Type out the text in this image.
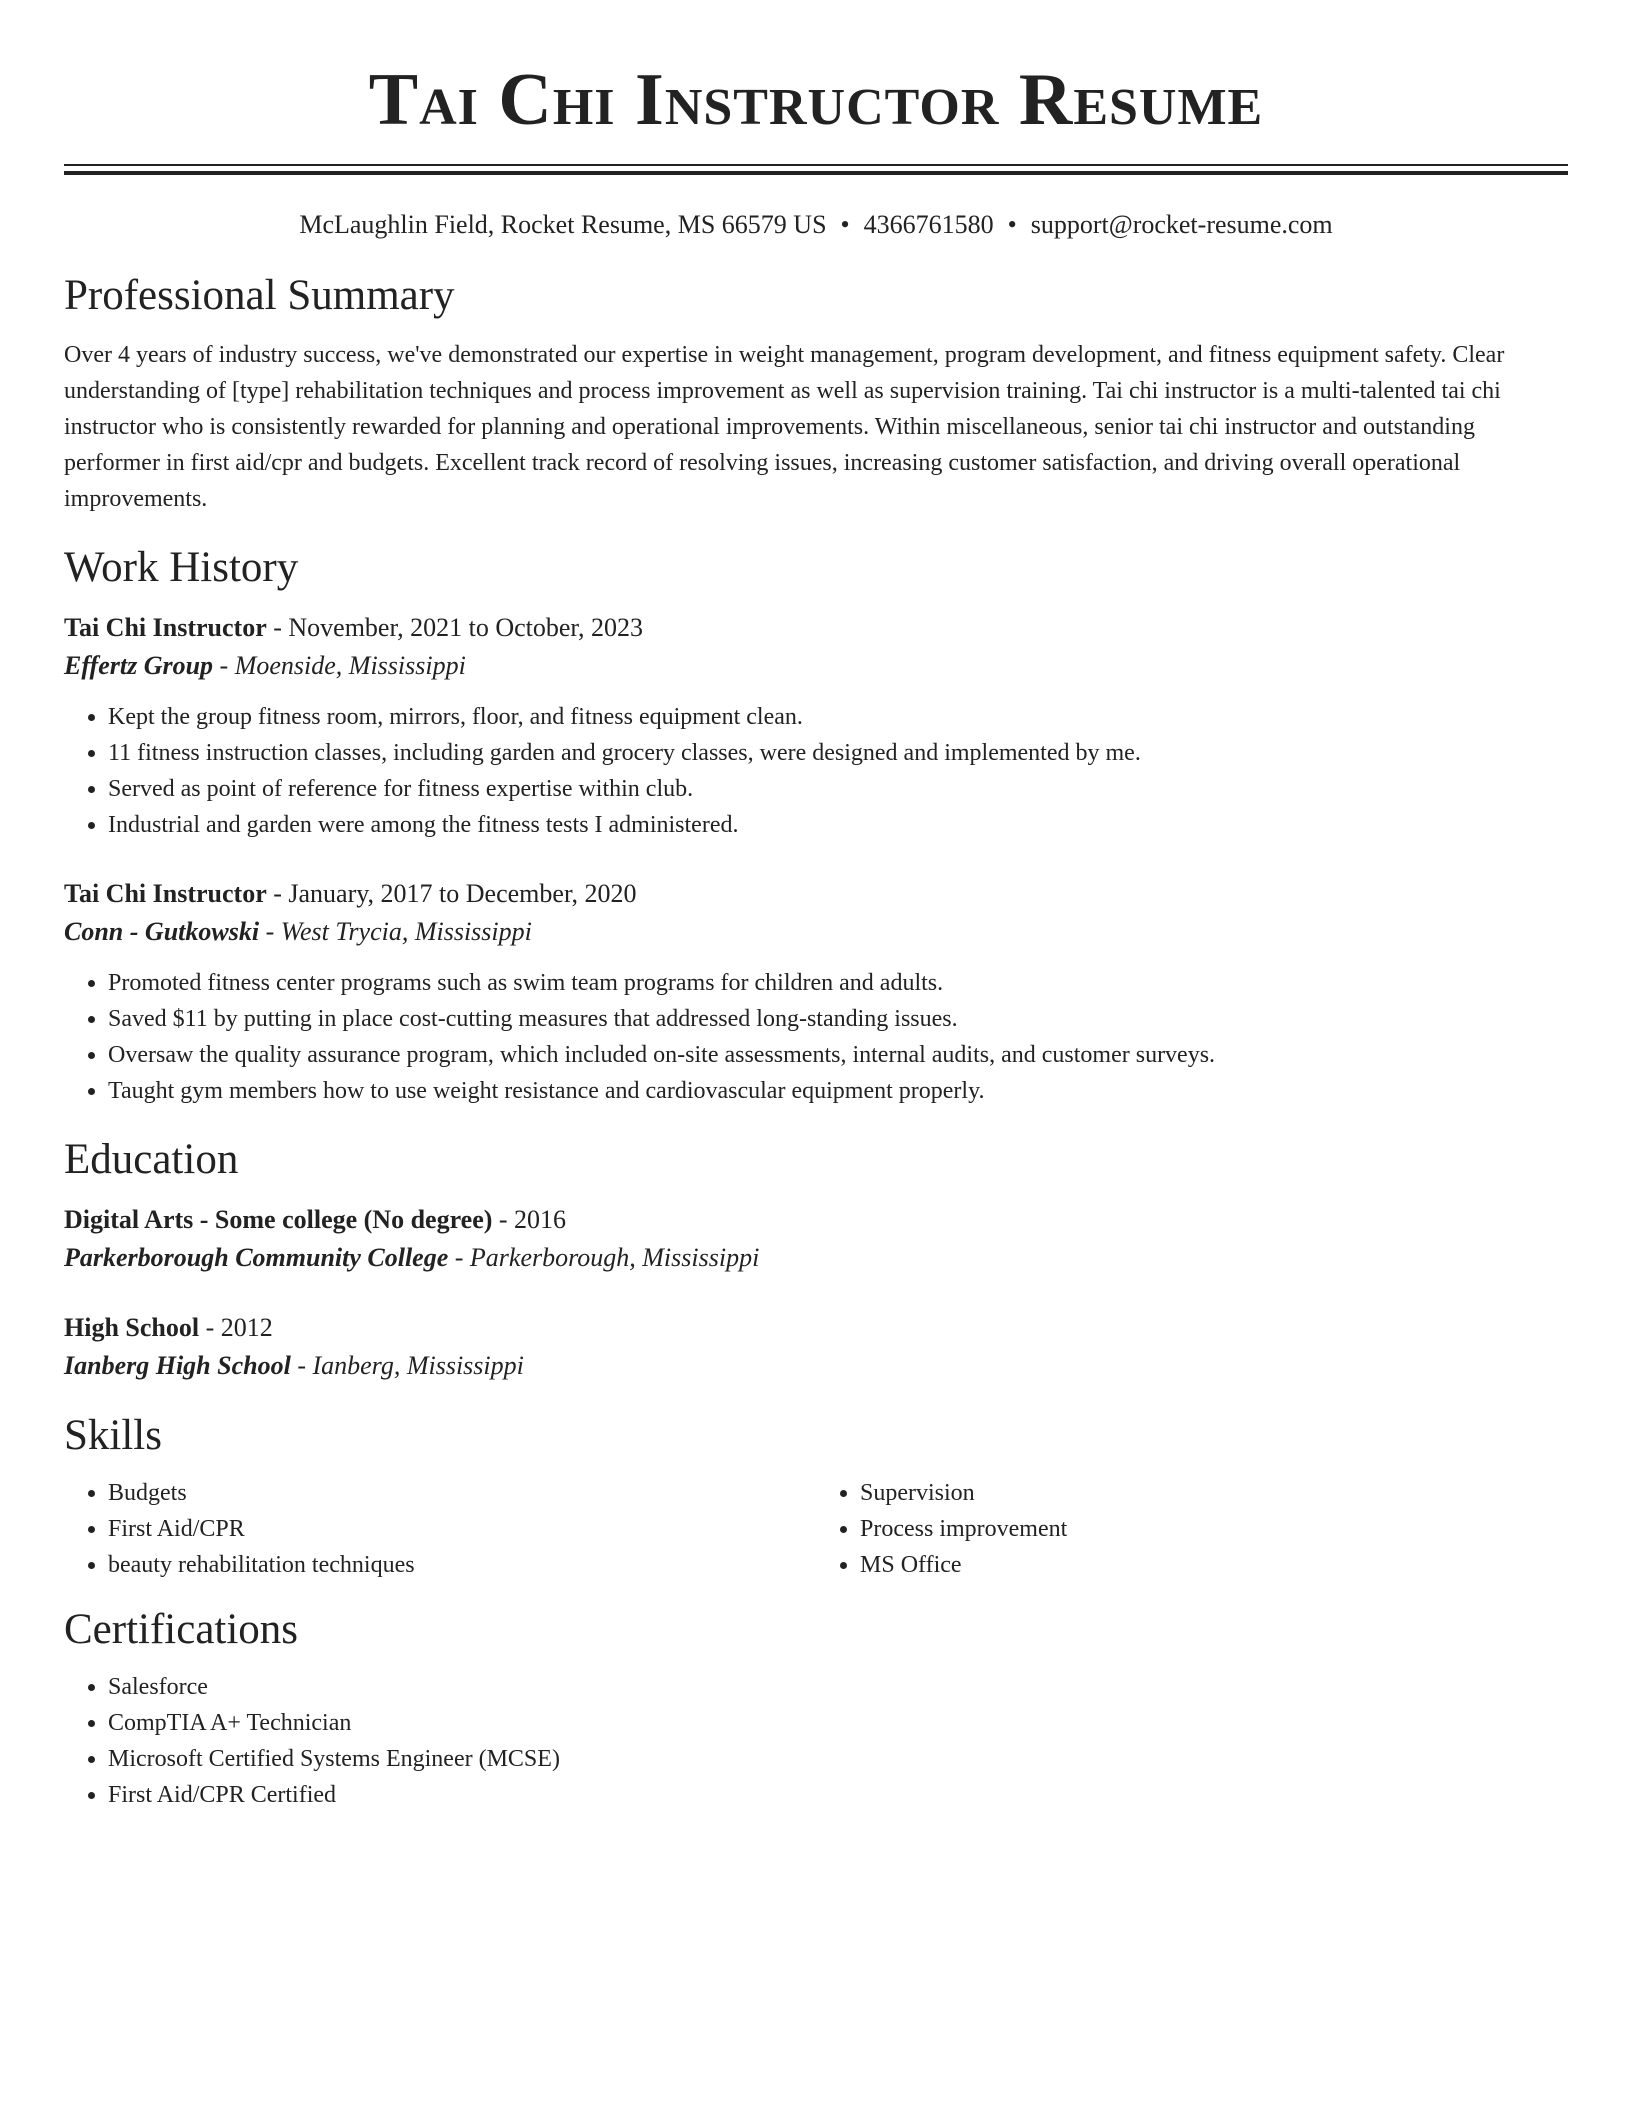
Tai Chi Instructor Resume
McLaughlin Field, Rocket Resume, MS 66579 US • 4366761580 • support@rocket-resume.com
Professional Summary

Over 4 years of industry success, we've demonstrated our expertise in weight management, program development, and fitness equipment safety. Clear understanding of [type] rehabilitation techniques and process improvement as well as supervision training. Tai chi instructor is a multi-talented tai chi instructor who is consistently rewarded for planning and operational improvements. Within miscellaneous, senior tai chi instructor and outstanding performer in first aid/cpr and budgets. Excellent track record of resolving issues, increasing customer satisfaction, and driving overall operational improvements.

Work History
Tai Chi Instructor - November, 2021 to October, 2023
Effertz Group - Moenside, Mississippi
• Kept the group fitness room, mirrors, floor, and fitness equipment clean.
• 11 fitness instruction classes, including garden and grocery classes, were designed and implemented by me.
• Served as point of reference for fitness expertise within club.
• Industrial and garden were among the fitness tests I administered.
Tai Chi Instructor - January, 2017 to December, 2020
Conn - Gutkowski - West Trycia, Mississippi
• Promoted fitness center programs such as swim team programs for children and adults.
• Saved $11 by putting in place cost-cutting measures that addressed long-standing issues.
• Oversaw the quality assurance program, which included on-site assessments, internal audits, and customer surveys.
• Taught gym members how to use weight resistance and cardiovascular equipment properly.
Education
Digital Arts - Some college (No degree) - 2016
Parkerborough Community College - Parkerborough, Mississippi
High School - 2012
Ianberg High School - Ianberg, Mississippi
Skills
• Budgets
• First Aid/CPR
• beauty rehabilitation techniques
• Supervision
• Process improvement
• MS Office
Certifications
• Salesforce
• CompTIA A+ Technician
• Microsoft Certified Systems Engineer (MCSE)
• First Aid/CPR Certified
